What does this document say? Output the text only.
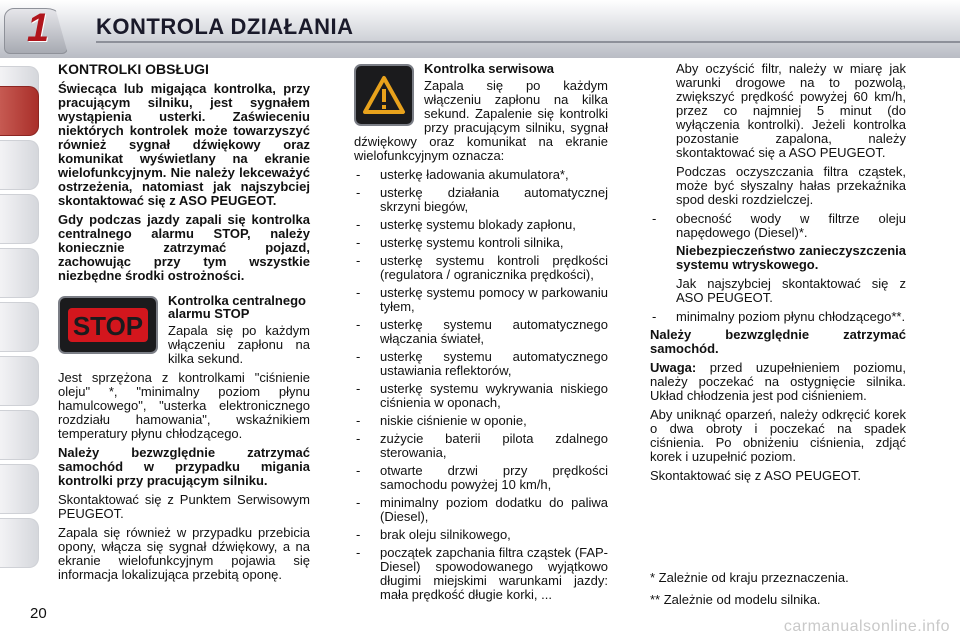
1	KONTROLA DZIAŁANIA
KONTROLKI OBSŁUGI

Świecąca lub migająca kontrolka, przy pracującym silniku, jest sygnałem wystąpienia usterki. Zaświeceniu niektórych kontrolek może towarzyszyć również sygnał dźwiękowy oraz komunikat wyświetlany na ekranie wielofunkcyjnym. Nie należy lekceważyć ostrzeżenia, natomiast jak najszybciej skontaktować się z ASO PEUGEOT.

Gdy podczas jazdy zapali się kontrolka centralnego alarmu STOP, należy koniecznie zatrzymać pojazd, zachowując przy tym wszystkie niezbędne środki ostrożności.

STOP
Kontrolka centralnego alarmu STOP

Zapala się po każdym włączeniu zapłonu na kilka sekund.

Jest sprzężona z kontrolkami "ciśnienie oleju" *, "minimalny poziom płynu hamulcowego", "usterka elektronicznego rozdziału hamowania", wskaźnikiem temperatury płynu chłodzącego.

Należy bezwzględnie zatrzymać samochód w przypadku migania kontrolki przy pracującym silniku.

Skontaktować się z Punktem Serwisowym PEUGEOT.

Zapala się również w przypadku przebicia opony, włącza się sygnał dźwiękowy, a na ekranie wielofunkcyjnym pojawia się informacja lokalizująca przebitą oponę.

Kontrolka serwisowa

Zapala się po każdym włączeniu zapłonu na kilka sekund. Zapalenie się kontrolki przy pracującym silniku, sygnał dźwiękowy oraz komunikat na ekranie wielofunkcyjnym oznacza:

- usterkę ładowania akumulatora*,
- usterkę działania automatycznej skrzyni biegów,
- usterkę systemu blokady zapłonu,
- usterkę systemu kontroli silnika,
- usterkę systemu kontroli prędkości (regulatora / ogranicznika prędkości),
- usterkę systemu pomocy w parkowaniu tyłem,
- usterkę systemu automatycznego włączania świateł,
- usterkę systemu automatycznego ustawiania reflektorów,
- usterkę systemu wykrywania niskiego ciśnienia w oponach,
- niskie ciśnienie w oponie,
- zużycie baterii pilota zdalnego sterowania,
- otwarte drzwi przy prędkości samochodu powyżej 10 km/h,
- minimalny poziom dodatku do paliwa (Diesel),
- brak oleju silnikowego,
- początek zapchania filtra cząstek (FAP-Diesel) spowodowanego wyjątkowo długimi miejskimi warunkami jazdy: mała prędkość długie korki, ...

Aby oczyścić filtr, należy w miarę jak warunki drogowe na to pozwolą, zwiększyć prędkość powyżej 60 km/h, przez co najmniej 5 minut (do wyłączenia kontrolki). Jeżeli kontrolka pozostanie zapalona, należy skontaktować się a ASO PEUGEOT.

Podczas oczyszczania filtra cząstek, może być słyszalny hałas przekaźnika spod deski rozdzielczej.

- obecność wody w filtrze oleju napędowego (Diesel)*.

Niebezpieczeństwo zanieczyszczenia systemu wtryskowego.

Jak najszybciej skontaktować się z ASO PEUGEOT.

- minimalny poziom płynu chłodzącego**.

Należy bezwzględnie zatrzymać samochód.

Uwaga: przed uzupełnieniem poziomu, należy poczekać na ostygnięcie silnika. Układ chłodzenia jest pod ciśnieniem.

Aby uniknąć oparzeń, należy odkręcić korek o dwa obroty i poczekać na spadek ciśnienia. Po obniżeniu ciśnienia, zdjąć korek i uzupełnić poziom.

Skontaktować się z ASO PEUGEOT.

* Zależnie od kraju przeznaczenia.
** Zależnie od modelu silnika.
20
carmanualsonline.info
